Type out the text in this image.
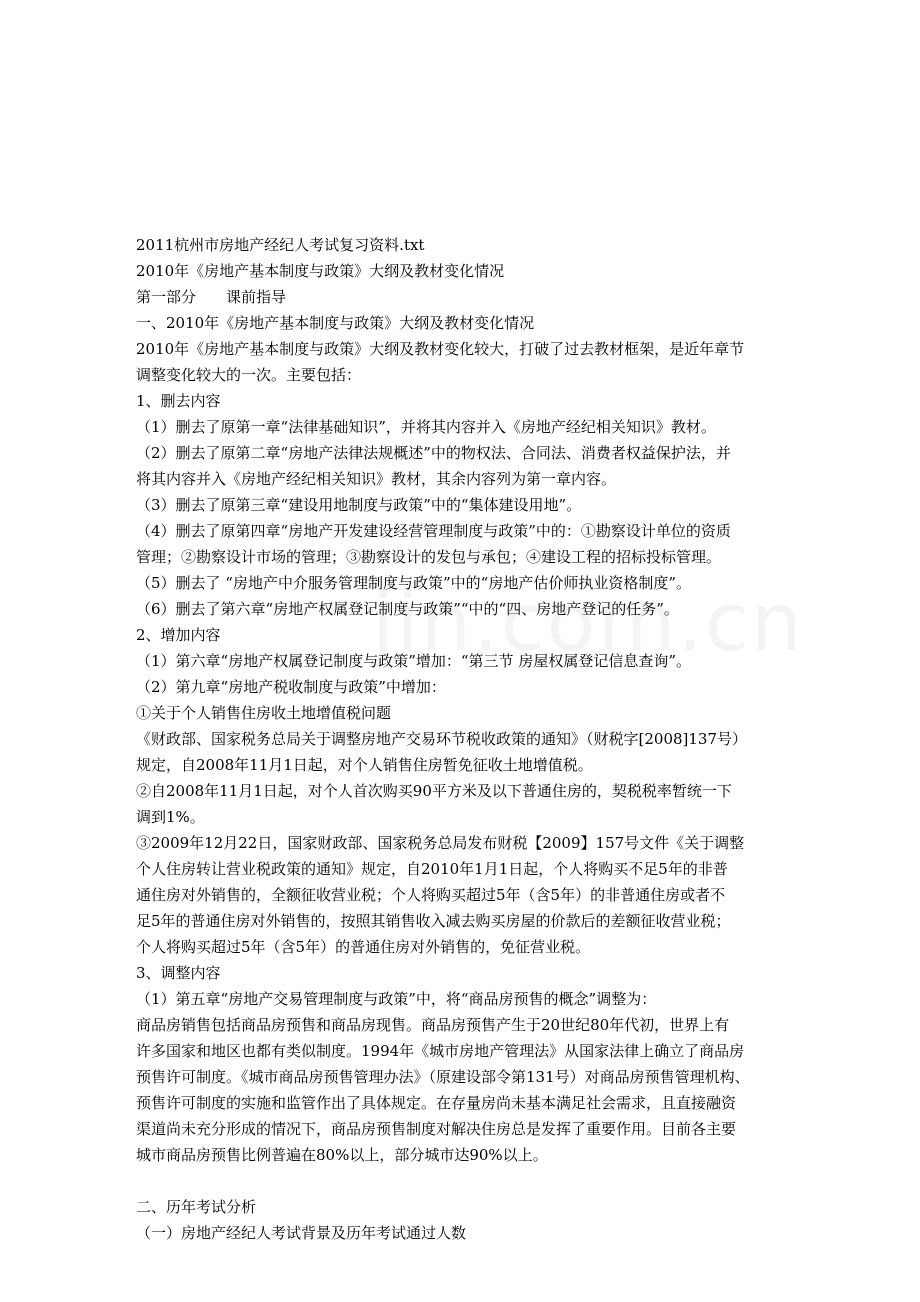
2011杭州市房地产经纪人考试复习资料.txt
2010年《房地产基本制度与政策》大纲及教材变化情况
第一部分　　课前指导
一、2010年《房地产基本制度与政策》大纲及教材变化情况
2010年《房地产基本制度与政策》大纲及教材变化较大，打破了过去教材框架，是近年章节
调整变化较大的一次。主要包括：
1、删去内容
（1）删去了原第一章“法律基础知识”，并将其内容并入《房地产经纪相关知识》教材。
（2）删去了原第二章“房地产法律法规概述”中的物权法、合同法、消费者权益保护法，并
将其内容并入《房地产经纪相关知识》教材，其余内容列为第一章内容。
（3）删去了原第三章“建设用地制度与政策”中的“集体建设用地”。
（4）删去了原第四章“房地产开发建设经营管理制度与政策”中的：①勘察设计单位的资质
管理；②勘察设计市场的管理；③勘察设计的发包与承包；④建设工程的招标投标管理。
（5）删去了 “房地产中介服务管理制度与政策”中的“房地产估价师执业资格制度”。
（6）删去了第六章“房地产权属登记制度与政策”“中的“四、房地产登记的任务”。
2、增加内容
（1）第六章“房地产权属登记制度与政策”增加：“第三节 房屋权属登记信息查询”。
（2）第九章“房地产税收制度与政策”中增加：
①关于个人销售住房收土地增值税问题
《财政部、国家税务总局关于调整房地产交易环节税收政策的通知》（财税字[2008]137号）
规定，自2008年11月1日起，对个人销售住房暂免征收土地增值税。
②自2008年11月1日起，对个人首次购买90平方米及以下普通住房的，契税税率暂统一下
调到1%。
③2009年12月22日，国家财政部、国家税务总局发布财税【2009】157号文件《关于调整
个人住房转让营业税政策的通知》规定，自2010年1月1日起，个人将购买不足5年的非普
通住房对外销售的，全额征收营业税；个人将购买超过5年（含5年）的非普通住房或者不
足5年的普通住房对外销售的，按照其销售收入减去购买房屋的价款后的差额征收营业税；
个人将购买超过5年（含5年）的普通住房对外销售的，免征营业税。
3、调整内容
（1）第五章“房地产交易管理制度与政策”中，将“商品房预售的概念”调整为：
商品房销售包括商品房预售和商品房现售。商品房预售产生于20世纪80年代初，世界上有
许多国家和地区也都有类似制度。1994年《城市房地产管理法》从国家法律上确立了商品房
预售许可制度。《城市商品房预售管理办法》（原建设部令第131号）对商品房预售管理机构、
预售许可制度的实施和监管作出了具体规定。在存量房尚未基本满足社会需求，且直接融资
渠道尚未充分形成的情况下，商品房预售制度对解决住房总是发挥了重要作用。目前各主要
城市商品房预售比例普遍在80%以上，部分城市达90%以上。
二、历年考试分析
（一）房地产经纪人考试背景及历年考试通过人数
